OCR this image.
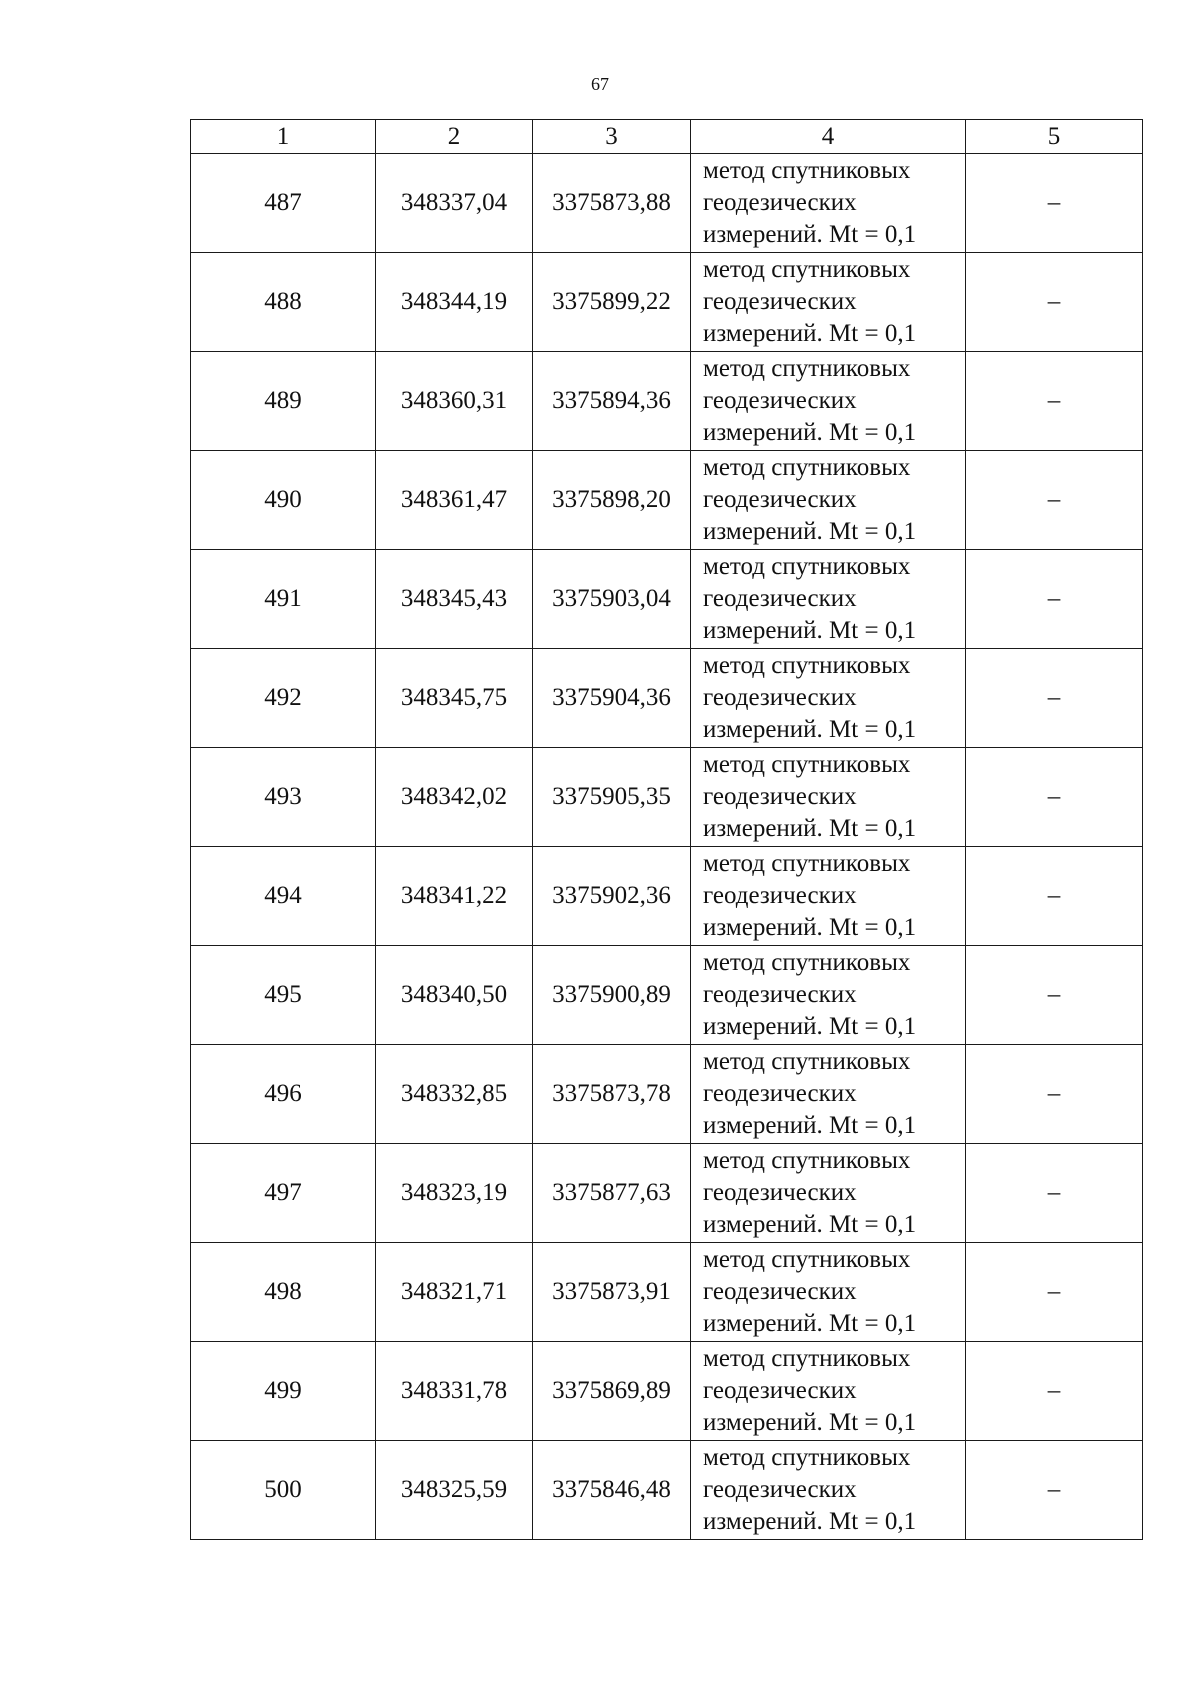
67
1	2	3	4	5
487	348337,04	3375873,88	метод спутниковых
геодезических
измерений. Mt = 0,1	–
488	348344,19	3375899,22	метод спутниковых
геодезических
измерений. Mt = 0,1	–
489	348360,31	3375894,36	метод спутниковых
геодезических
измерений. Mt = 0,1	–
490	348361,47	3375898,20	метод спутниковых
геодезических
измерений. Mt = 0,1	–
491	348345,43	3375903,04	метод спутниковых
геодезических
измерений. Mt = 0,1	–
492	348345,75	3375904,36	метод спутниковых
геодезических
измерений. Mt = 0,1	–
493	348342,02	3375905,35	метод спутниковых
геодезических
измерений. Mt = 0,1	–
494	348341,22	3375902,36	метод спутниковых
геодезических
измерений. Mt = 0,1	–
495	348340,50	3375900,89	метод спутниковых
геодезических
измерений. Mt = 0,1	–
496	348332,85	3375873,78	метод спутниковых
геодезических
измерений. Mt = 0,1	–
497	348323,19	3375877,63	метод спутниковых
геодезических
измерений. Mt = 0,1	–
498	348321,71	3375873,91	метод спутниковых
геодезических
измерений. Mt = 0,1	–
499	348331,78	3375869,89	метод спутниковых
геодезических
измерений. Mt = 0,1	–
500	348325,59	3375846,48	метод спутниковых
геодезических
измерений. Mt = 0,1	–
